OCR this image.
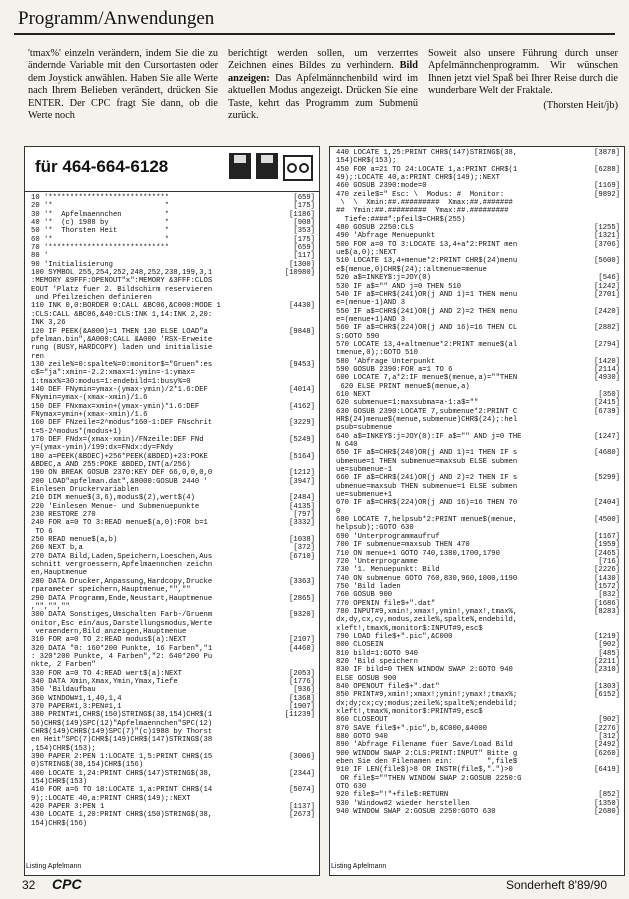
Programm/Anwendungen

'tmax%' einzeln verändern, indem Sie die zu ändernde Variable mit den Cursortasten oder dem Joystick anwählen. Haben Sie alle Werte nach Ihrem Belieben verändert, drücken Sie ENTER. Der CPC fragt Sie dann, ob die Werte noch

berichtigt werden sollen, um verzerrtes Zeichnen eines Bildes zu verhindern. Bild anzeigen: Das Apfelmännchenbild wird im aktuellen Modus angezeigt. Drücken Sie eine Taste, kehrt das Programm zum Submenü zurück.

Soweit also unsere Führung durch unser Apfelmännchenprogramm. Wir wünschen Ihnen jetzt viel Spaß bei Ihrer Reise durch die wunderbare Welt der Fraktale.

(Thorsten Heit/jb)

für 464-664-6128
10 '****************************	[659]
20 '*                          *	[175]
30 '*  Apfelmaennchen          *	[1186]
40 '*  (c) 1988 by             *	[908]
50 '*  Thorsten Heit           *	[353]
60 '*                          *	[175]
70 '****************************	[659]
80 '	[117]
90 'Initialisierung	[1300]
100 SYMBOL 255,254,252,248,252,238,199,3,1	[10980]
:MEMORY &9FFF:OPENOUT"x":MEMORY &3FFF:CLOS
EOUT 'Platz fuer 2. Bildschirm reservieren
und Pfeilzeichen definieren
110 INK 0,0:BORDER 0:CALL &BC06,&C000:MODE 1	[4430]
:CLS:CALL &BC06,&40:CLS:INK 1,14:INK 2,20:
INK 3,26
120 IF PEEK(&A000)=1 THEN 130 ELSE LOAD"a	[9848]
pfelman.bin",&A000:CALL &A000 'RSX-Erweite
rung (BUSY,HARDCOPY) laden und initialisie
ren
130 zeile%=0:spalte%=0:monitor$="Gruen":es	[9453]
c$="ja":xmin=-2.2:xmax=1:ymin=-1:ymax=
1:tmax%=30:modus=1:endebild=1:busy%=0
140 DEF FNymin=ymax-(ymax-ymin)/2*1.6:DEF	[4014]
FNymin=ymax-(xmax-xmin)/1.6
150 DEF FNxmax=xmin+(ymax-ymin)*1.6:DEF	[4162]
FNymax=ymin+(xmax-xmin)/1.6
160 DEF FNzeile=2^modus*160-1:DEF FNschrit	[3229]
t=5-2^modus*(modus+1)
170 DEF FNdx=(xmax-xmin)/FNzeile:DEF FNd	[5249]
y=(ymax-ymin)/199:dx=FNdx:dy=FNdy
180 a=PEEK(&BDEC)+256*PEEK(&BDED)+23:POKE	[5164]
&BDEC,a AND 255:POKE &BDED,INT(a/256)
190 ON BREAK GOSUB 2370:KEY DEF 66,0,0,0,0	[1212]
200 LOAD"apfelman.dat",&8000:GOSUB 2440 '	[3947]
Einlesen Druckervariablen
210 DIM menue$(3,6),modus$(2),wert$(4)	[2484]
220 'Einlesen Menue- und Submenuepunkte	[4135]
230 RESTORE 270	[797]
240 FOR a=0 TO 3:READ menue$(a,0):FOR b=1	[3332]
TO 6
250 READ menue$(a,b)	[1038]
260 NEXT b,a	[372]
270 DATA Bild,Laden,Speichern,Loeschen,Aus	[6710]
schnitt vergroessern,Apfelmaennchen zeichn
en,Hauptmenue
280 DATA Drucker,Anpassung,Hardcopy,Drucke	[3363]
rparameter speichern,Hauptmenue,"",""
290 DATA Programm,Ende,Neustart,Hauptmenue	[2865]
,"","",""
300 DATA Sonstiges,Umschalten Farb-/Gruenm	[9320]
onitor,Esc ein/aus,Darstellungsmodus,Werte
veraendern,Bild anzeigen,Hauptmenue
310 FOR a=0 TO 2:READ modus$(a):NEXT	[2107]
320 DATA "0: 160*200 Punkte, 16 Farben","1	[4460]
: 320*200 Punkte, 4 Farben","2: 640*200 Pu
nkte, 2 Farben"
330 FOR a=0 TO 4:READ wert$(a):NEXT	[2053]
340 DATA Xmin,Xmax,Ymin,Ymax,Tiefe	[1776]
350 'Bildaufbau	[936]
360 WINDOW#1,1,40,1,4	[1368]
370 PAPER#1,3:PEN#1,1	[1907]
380 PRINT#1,CHR$(150)STRING$(38,154)CHR$(1	[11239]
56)CHR$(149)SPC(12)"Apfelmaennchen"SPC(12)
CHR$(149)CHR$(149)SPC(7)"(c)1988 by Thorst
en Heit"SPC(7)CHR$(149)CHR$(147)STRING$(38
,154)CHR$(153);
390 PAPER 2:PEN 1:LOCATE 1,5:PRINT CHR$(15	[3006]
0)STRING$(38,154)CHR$(156)
400 LOCATE 1,24:PRINT CHR$(147)STRING$(38,	[2344]
154)CHR$(153)
410 FOR a=6 TO 18:LOCATE 1,a:PRINT CHR$(14	[5074]
9);:LOCATE 40,a:PRINT CHR$(149);:NEXT
420 PAPER 3:PEN 1	[1137]
430 LOCATE 1,20:PRINT CHR$(150)STRING$(38,	[2673]
154)CHR$(156)
440 LOCATE 1,25:PRINT CHR$(147)STRING$(38,	[3878]
154)CHR$(153);
450 FOR a=21 TO 24:LOCATE 1,a:PRINT CHR$(1	[6288]
49);:LOCATE 40,a:PRINT CHR$(149);:NEXT
460 GOSUB 2390:mode=0	[1169]
470 zeile$=" Esc: \  Modus: #  Monitor:	[9892]
\  \  Xmin:##.#########  Xmax:##.#######
##  Ymin:##.#########  Ymax:##.#########
Tiefe:####":pfeil$=CHR$(255)
480 GOSUB 2250:CLS	[1255]
490 'Abfrage Menuepunkt	[1321]
500 FOR a=0 TO 3:LOCATE 13,4+a*2:PRINT men	[3706]
ue$(a,0);:NEXT
510 LOCATE 13,4+menue*2:PRINT CHR$(24)menu	[5600]
e$(menue,0)CHR$(24);:altmenue=menue
520 a$=INKEY$:j=JOY(0)	[546]
530 IF a$="" AND j=0 THEN 510	[1242]
540 IF a$=CHR$(241)OR(j AND 1)=1 THEN menu	[2701]
e=(menue-1)AND 3
550 IF a$=CHR$(241)OR(j AND 2)=2 THEN menu	[2420]
e=(menue+1)AND 3
560 IF a$=CHR$(224)OR(j AND 16)=16 THEN CL	[2882]
S:GOTO 590
570 LOCATE 13,4+altmenue*2:PRINT menue$(al	[2794]
tmenue,0);:GOTO 510
580 'Abfrage Unterpunkt	[1420]
590 GOSUB 2390:FOR a=1 TO 6	[2114]
600 LOCATE 7,a*2:IF menue$(menue,a)=""THEN	[4930]
620 ELSE PRINT menue$(menue,a)
610 NEXT	[350]
620 submenue=1:maxsubma=a-1:a$=""	[2415]
630 GOSUB 2390:LOCATE 7,submenue*2:PRINT C	[6739]
HR$(24)menue$(menue,submenue)CHR$(24);:hel
psub=submenue
640 a$=INKEY$:j=JOY(0):IF a$="" AND j=0 THE	[1247]
N 640
650 IF a$=CHR$(240)OR(j AND 1)=1 THEN IF s	[4680]
ubmenue=1 THEN submenue=maxsub ELSE submen
ue=submenue-1
660 IF a$=CHR$(241)OR(j AND 2)=2 THEN IF s	[5299]
ubmenue=maxsub THEN submenue=1 ELSE submen
ue=submenue+1
670 IF a$=CHR$(224)OR(j AND 16)=16 THEN 70	[2404]
0
680 LOCATE 7,helpsub*2:PRINT menue$(menue,	[4500]
helpsub);:GOTO 630
690 'Unterprogrammaufruf	[1167]
700 IF submenue=maxsub THEN 470	[1959]
710 ON menue+1 GOTO 740,1380,1700,1790	[2465]
720 'Unterprogramme	[716]
730 '1. Menuepunkt: Bild	[2226]
740 ON submenue GOTO 760,830,960,1000,1190	[1430]
750 'Bild laden	[1572]
760 GOSUB 900	[832]
770 OPENIN file$+".dat"	[1686]
780 INPUT#9,xmin!,xmax!,ymin!,ymax!,tmax%,	[8283]
dx,dy,cx,cy,modus,zeile%,spalte%,endebild,
xleft!,tmax%,monitor$:INPUT#9,esc$
790 LOAD file$+".pic",&C000	[1219]
800 CLOSEIN	[902]
810 bild=1:GOTO 940	[485]
820 'Bild speichern	[2211]
830 IF bild=0 THEN WINDOW SWAP 2:GOTO 940	[2310]
ELSE GOSUB 900
840 OPENOUT file$+".dat"	[1303]
850 PRINT#9,xmin!;xmax!;ymin!;ymax!;tmax%;	[6152]
dx;dy;cx;cy;modus;zeile%;spalte%;endebild;
xleft!,tmax%,monitor$:PRINT#9,esc$
860 CLOSEOUT	[902]
870 SAVE file$+".pic",b,&C000,&4000	[2276]
880 GOTO 940	[312]
890 'Abfrage Filename fuer Save/Load Bild	[2492]
900 WINDOW SWAP 2:CLS:PRINT:INPUT" Bitte g	[6260]
eben Sie den Filenamen ein:        ",file$
910 IF LEN(file$)>8 OR INSTR(file$,".")>0	[6419]
OR file$=""THEN WINDOW SWAP 2:GOSUB 2250:G
OTO 630
920 file$="!"+file$:RETURN	[852]
930 'Window#2 wieder herstellen	[1350]
940 WINDOW SWAP 2:GOSUB 2250:GOTO 630	[2680]
Listing Apfelmann	Listing Apfelmann
32 CPC	Sonderheft 8'89/90
